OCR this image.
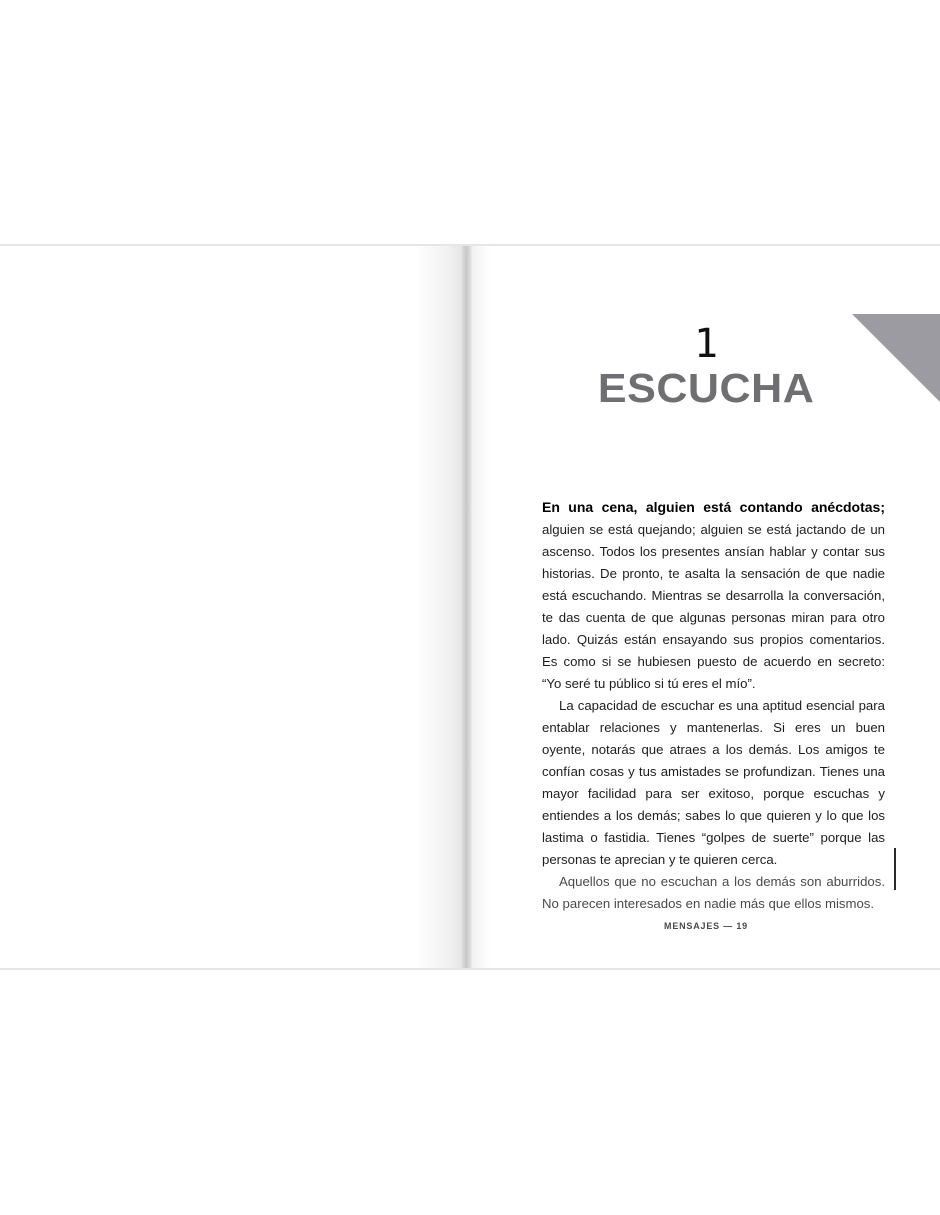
1
ESCUCHA

En una cena, alguien está contando anécdotas; alguien se está quejando; alguien se está jactando de un ascenso. Todos los presentes ansían hablar y contar sus historias. De pronto, te asalta la sensación de que nadie está escuchando. Mientras se desarrolla la conversación, te das cuenta de que algunas personas miran para otro lado. Quizás están ensayando sus propios comentarios. Es como si se hubiesen puesto de acuerdo en secreto: “Yo seré tu público si tú eres el mío”.

La capacidad de escuchar es una aptitud esencial para entablar relaciones y mantenerlas. Si eres un buen oyente, notarás que atraes a los demás. Los amigos te confían cosas y tus amistades se profundizan. Tienes una mayor facilidad para ser exitoso, porque escuchas y entiendes a los demás; sabes lo que quieren y lo que los lastima o fastidia. Tienes “golpes de suerte” porque las personas te aprecian y te quieren cerca.

Aquellos que no escuchan a los demás son aburridos. No parecen interesados en nadie más que ellos mismos.

MENSAJES — 19
